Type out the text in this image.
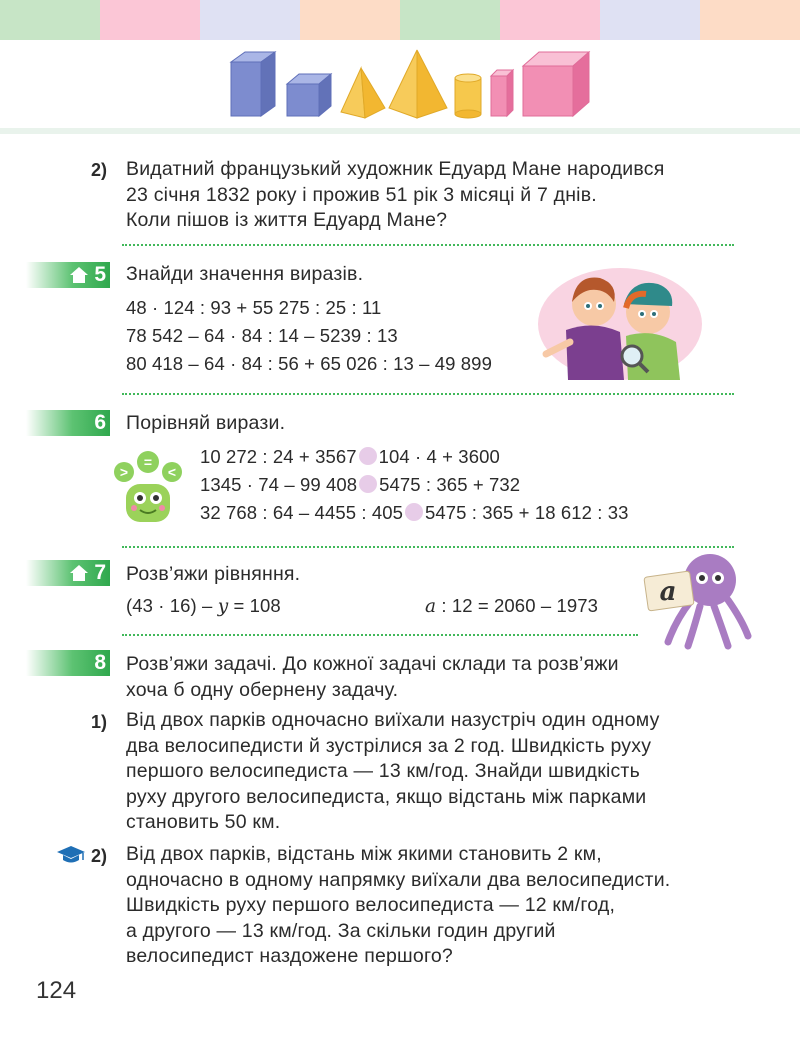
2) Видатний французький художник Едуард Мане народився
23 січня 1832 року і прожив 51 рік 3 місяці й 7 днів.
Коли пішов із життя Едуард Мане?
5 Знайди значення виразів.
48 · 124 : 93 + 55 275 : 25 : 11
78 542 – 64 · 84 : 14 – 5239 : 13
80 418 – 64 · 84 : 56 + 65 026 : 13 – 49 899
6 Порівняй вирази.
=
>	<
10 272 : 24 + 3567 104 · 4 + 3600
1345 · 74 – 99 408 5475 : 365 + 732
32 768 : 64 – 4455 : 405 5475 : 365 + 18 612 : 33
7 Розв’яжи рівняння.
(43 · 16) – y = 108	a : 12 = 2060 – 1973 a
8 Розв’яжи задачі. До кожної задачі склади та розв’яжи
хоча б одну обернену задачу.
1) Від двох парків одночасно виїхали назустріч один одному
два велосипедисти й зустрілися за 2 год. Швидкість руху
першого велосипедиста — 13 км/год. Знайди швидкість
руху другого велосипедиста, якщо відстань між парками
становить 50 км.
2) Від двох парків, відстань між якими становить 2 км,
одночасно в одному напрямку виїхали два велосипедисти.
Швидкість руху першого велосипедиста — 12 км/год,
а другого — 13 км/год. За скільки годин другий
велосипедист наздожене першого?
124
